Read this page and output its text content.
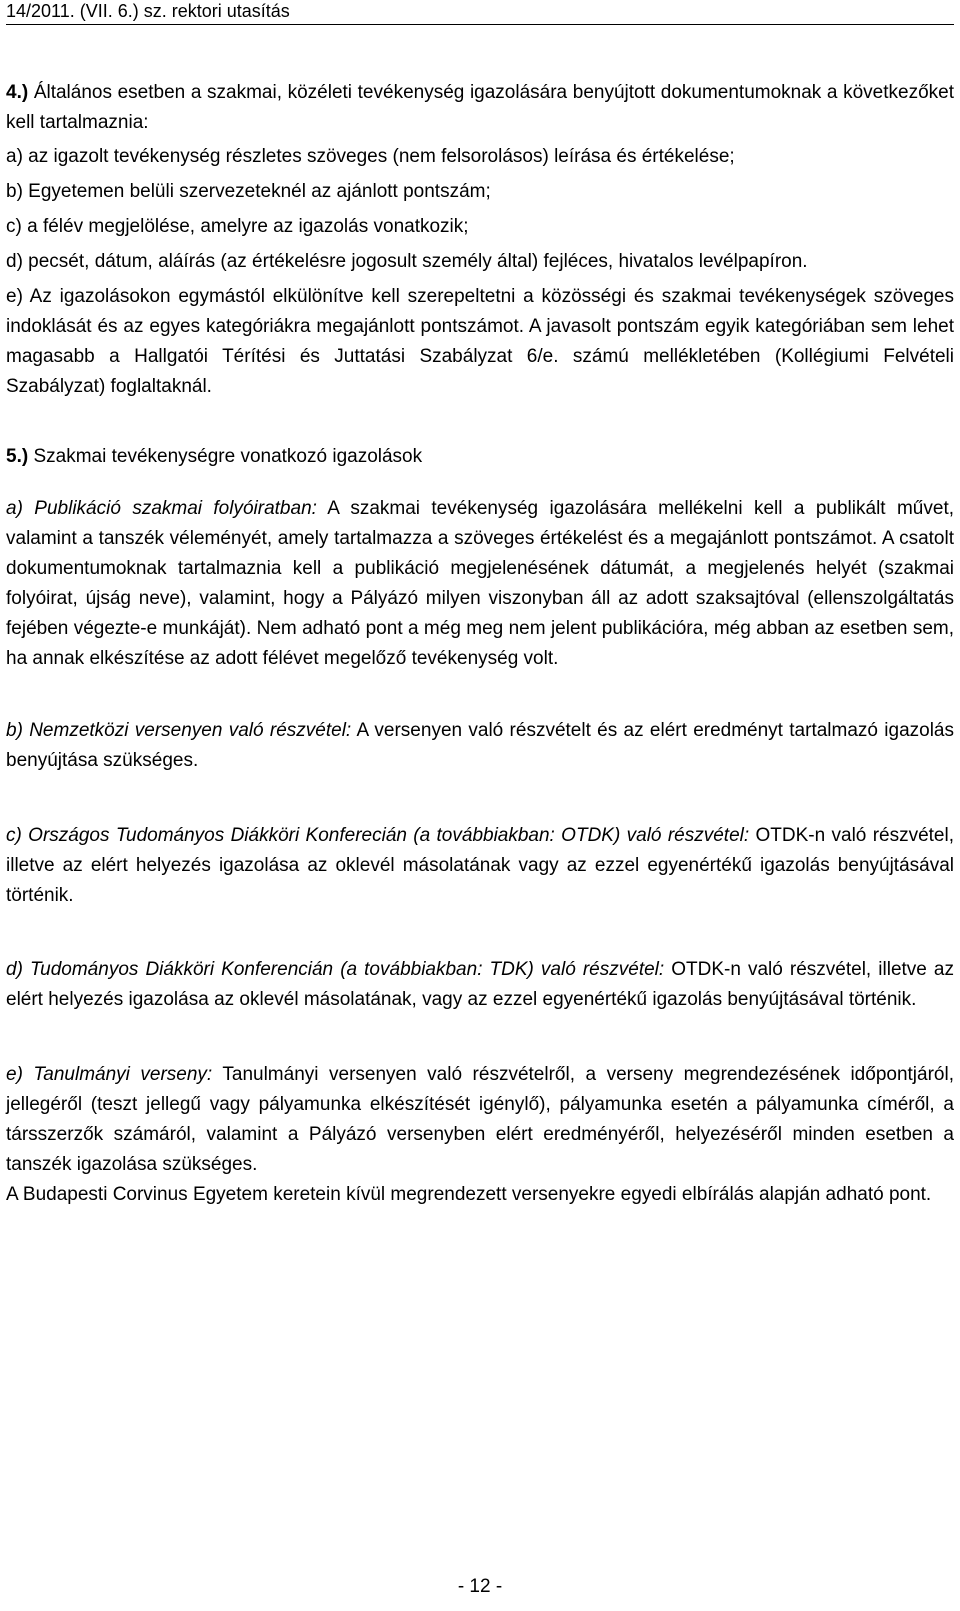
14/2011. (VII. 6.) sz. rektori utasítás

4.) Általános esetben a szakmai, közéleti tevékenység igazolására benyújtott dokumentumoknak a következőket kell tartalmaznia:

a) az igazolt tevékenység részletes szöveges (nem felsorolásos) leírása és értékelése;

b) Egyetemen belüli szervezeteknél az ajánlott pontszám;

c) a félév megjelölése, amelyre az igazolás vonatkozik;

d) pecsét, dátum, aláírás (az értékelésre jogosult személy által) fejléces, hivatalos levélpapíron.

e) Az igazolásokon egymástól elkülönítve kell szerepeltetni a közösségi és szakmai tevékenységek szöveges indoklását és az egyes kategóriákra megajánlott pontszámot. A javasolt pontszám egyik kategóriában sem lehet magasabb a Hallgatói Térítési és Juttatási Szabályzat 6/e. számú mellékletében (Kollégiumi Felvételi Szabályzat) foglaltaknál.

5.) Szakmai tevékenységre vonatkozó igazolások

a) Publikáció szakmai folyóiratban: A szakmai tevékenység igazolására mellékelni kell a publikált művet, valamint a tanszék véleményét, amely tartalmazza a szöveges értékelést és a megajánlott pontszámot. A csatolt dokumentumoknak tartalmaznia kell a publikáció megjelenésének dátumát, a megjelenés helyét (szakmai folyóirat, újság neve), valamint, hogy a Pályázó milyen viszonyban áll az adott szaksajtóval (ellenszolgáltatás fejében végezte-e munkáját). Nem adható pont a még meg nem jelent publikációra, még abban az esetben sem, ha annak elkészítése az adott félévet megelőző tevékenység volt.

b) Nemzetközi versenyen való részvétel: A versenyen való részvételt és az elért eredményt tartalmazó igazolás benyújtása szükséges.

c) Országos Tudományos Diákköri Konferecián (a továbbiakban: OTDK) való részvétel: OTDK-n való részvétel, illetve az elért helyezés igazolása az oklevél másolatának vagy az ezzel egyenértékű igazolás benyújtásával történik.

d) Tudományos Diákköri Konferencián (a továbbiakban: TDK) való részvétel: OTDK-n való részvétel, illetve az elért helyezés igazolása az oklevél másolatának, vagy az ezzel egyenértékű igazolás benyújtásával történik.

e) Tanulmányi verseny: Tanulmányi versenyen való részvételről, a verseny megrendezésének időpontjáról, jellegéről (teszt jellegű vagy pályamunka elkészítését igénylő), pályamunka esetén a pályamunka címéről, a társszerzők számáról, valamint a Pályázó versenyben elért eredményéről, helyezéséről minden esetben a tanszék igazolása szükséges.

A Budapesti Corvinus Egyetem keretein kívül megrendezett versenyekre egyedi elbírálás alapján adható pont.

- 12 -
